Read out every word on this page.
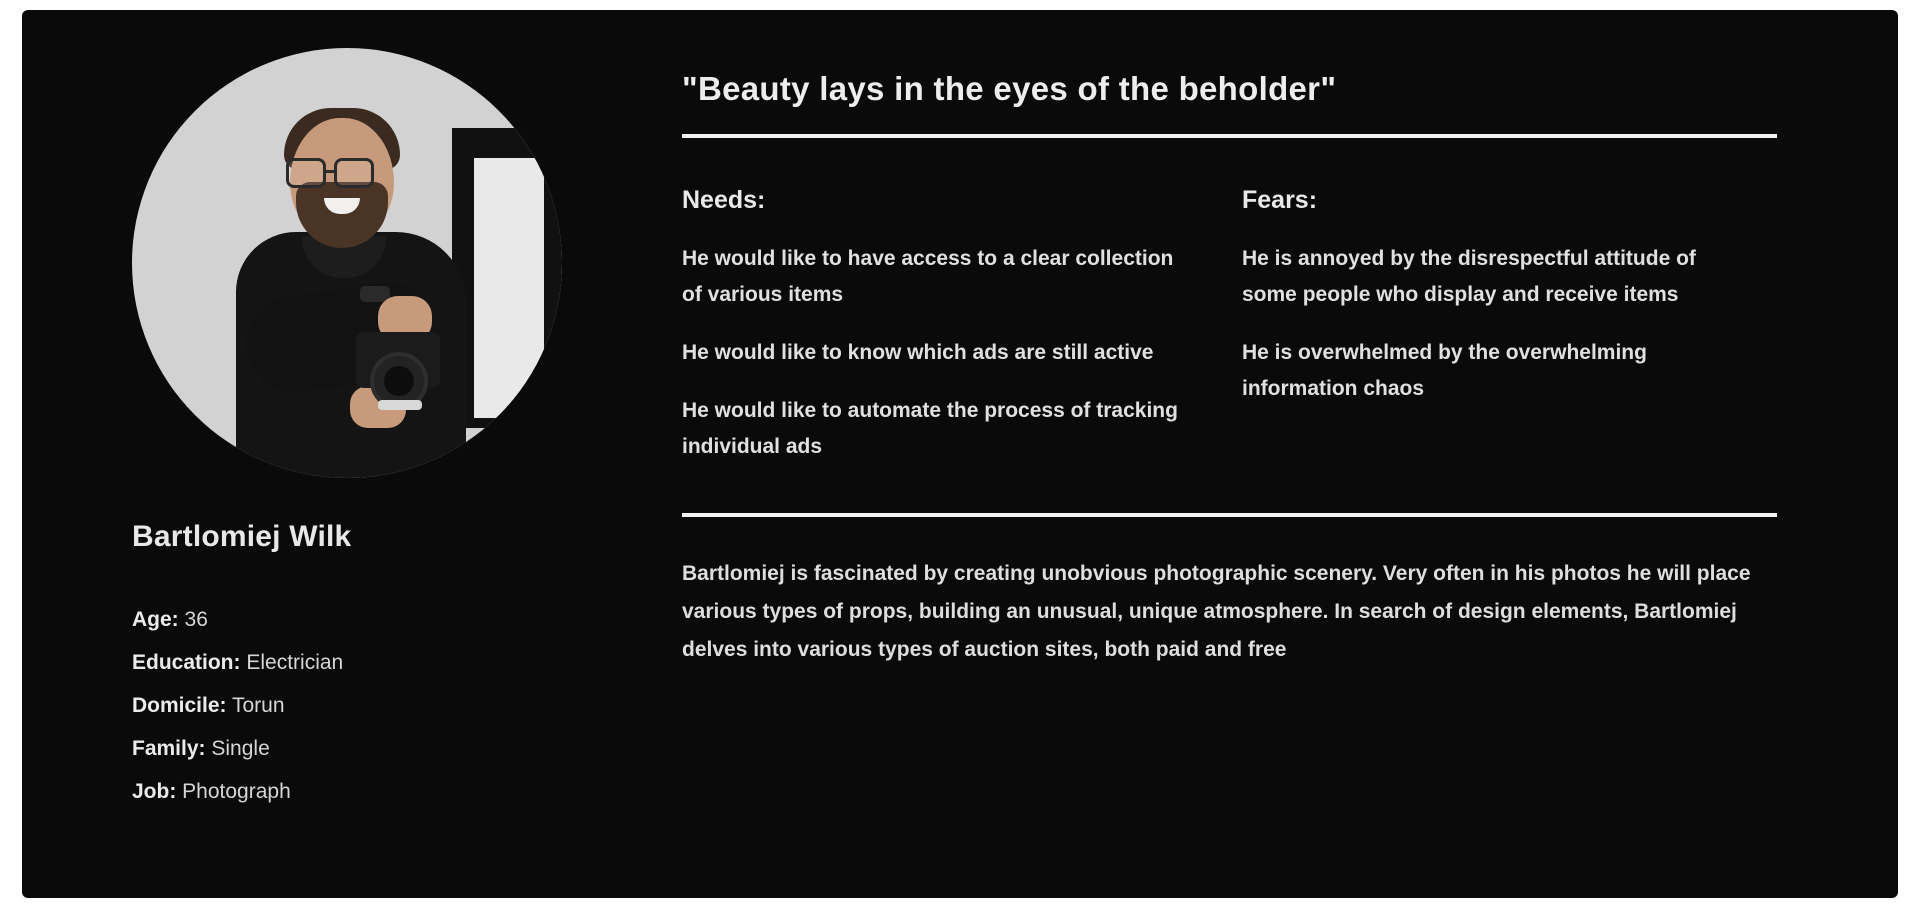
Bartlomiej Wilk
Age: 36
Education: Electrician
Domicile: Torun
Family: Single
Job: Photograph
"Beauty lays in the eyes of the beholder"
Needs:
He would like to have access to a clear collection of various items
He would like to know which ads are still active
He would like to automate the process of tracking individual ads
Fears:
He is annoyed by the disrespectful attitude of some people who display and receive items
He is overwhelmed by the overwhelming information chaos
Bartlomiej is fascinated by creating unobvious photographic scenery. Very often in his photos he will place various types of props, building an unusual, unique atmosphere. In search of design elements, Bartlomiej delves into various types of auction sites, both paid and free
